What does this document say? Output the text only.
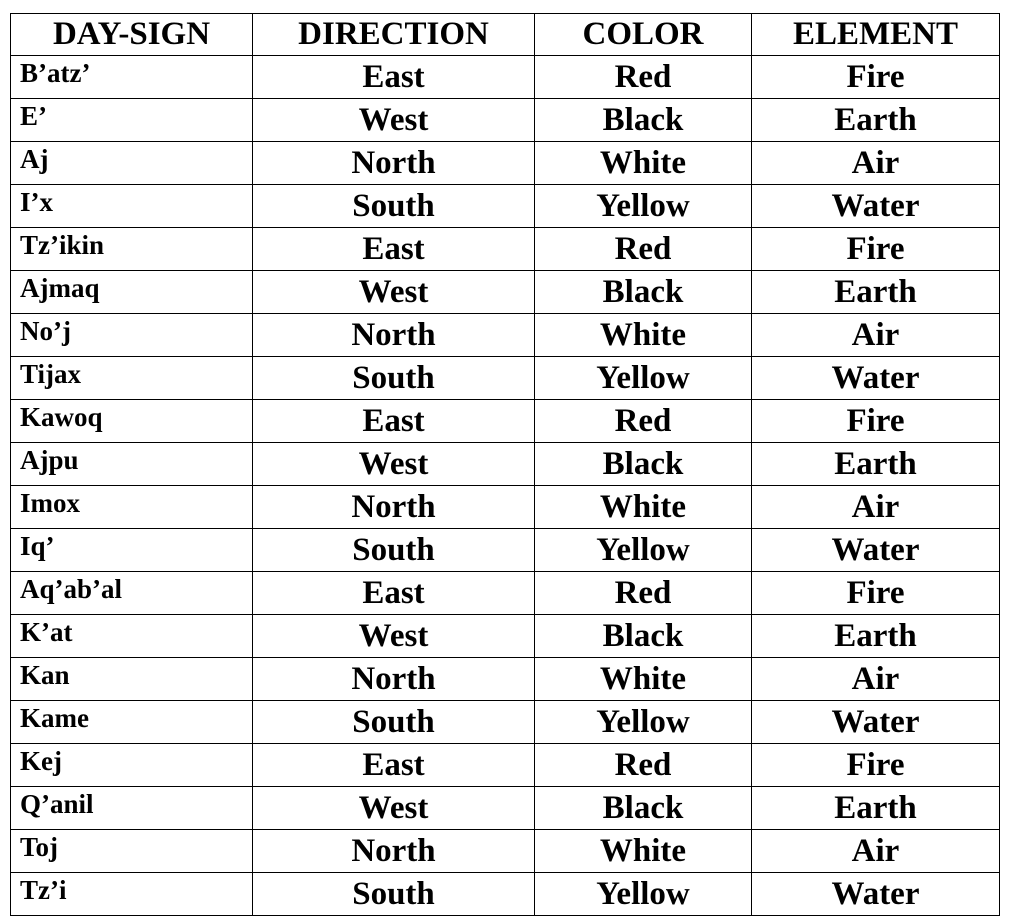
DAY-SIGN	DIRECTION	COLOR	ELEMENT
B’atz’	East	Red	Fire
E’	West	Black	Earth
Aj	North	White	Air
I’x	South	Yellow	Water
Tz’ikin	East	Red	Fire
Ajmaq	West	Black	Earth
No’j	North	White	Air
Tijax	South	Yellow	Water
Kawoq	East	Red	Fire
Ajpu	West	Black	Earth
Imox	North	White	Air
Iq’	South	Yellow	Water
Aq’ab’al	East	Red	Fire
K’at	West	Black	Earth
Kan	North	White	Air
Kame	South	Yellow	Water
Kej	East	Red	Fire
Q’anil	West	Black	Earth
Toj	North	White	Air
Tz’i	South	Yellow	Water
